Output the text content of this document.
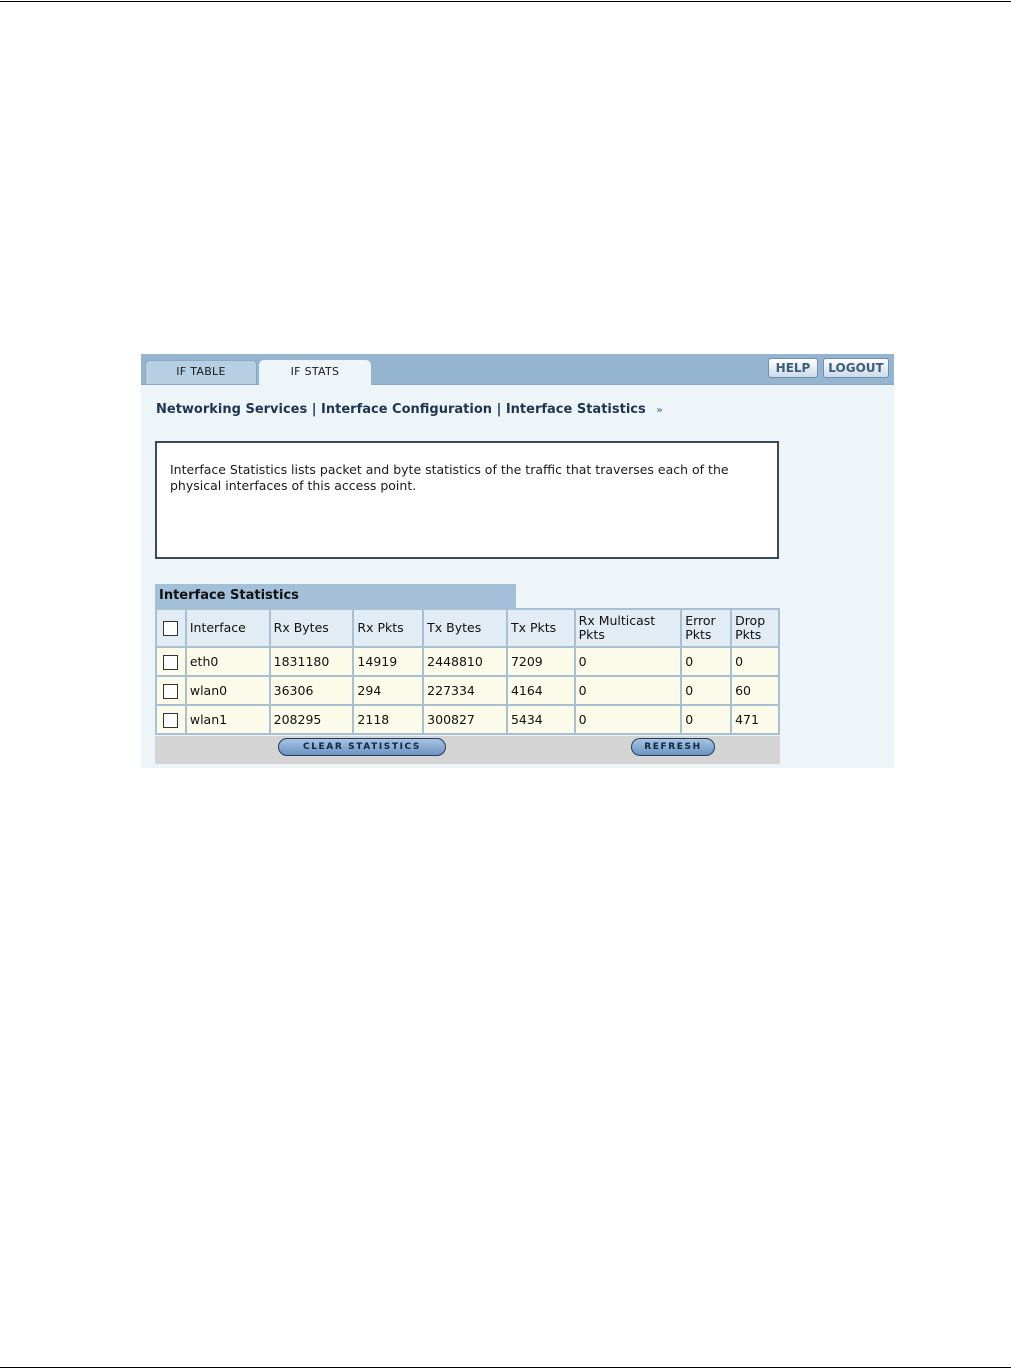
IF TABLE	IF STATS	HELP	LOGOUT
Networking Services | Interface Configuration | Interface Statistics »
Interface Statistics lists packet and byte statistics of the traffic that traverses each of the physical interfaces of this access point.
Interface Statistics
	Interface	Rx Bytes	Rx Pkts	Tx Bytes	Tx Pkts	Rx Multicast Pkts	Error Pkts	Drop Pkts
	eth0	1831180	14919	2448810	7209	0	0	0
	wlan0	36306	294	227334	4164	0	0	60
	wlan1	208295	2118	300827	5434	0	0	471
CLEAR STATISTICS	REFRESH
